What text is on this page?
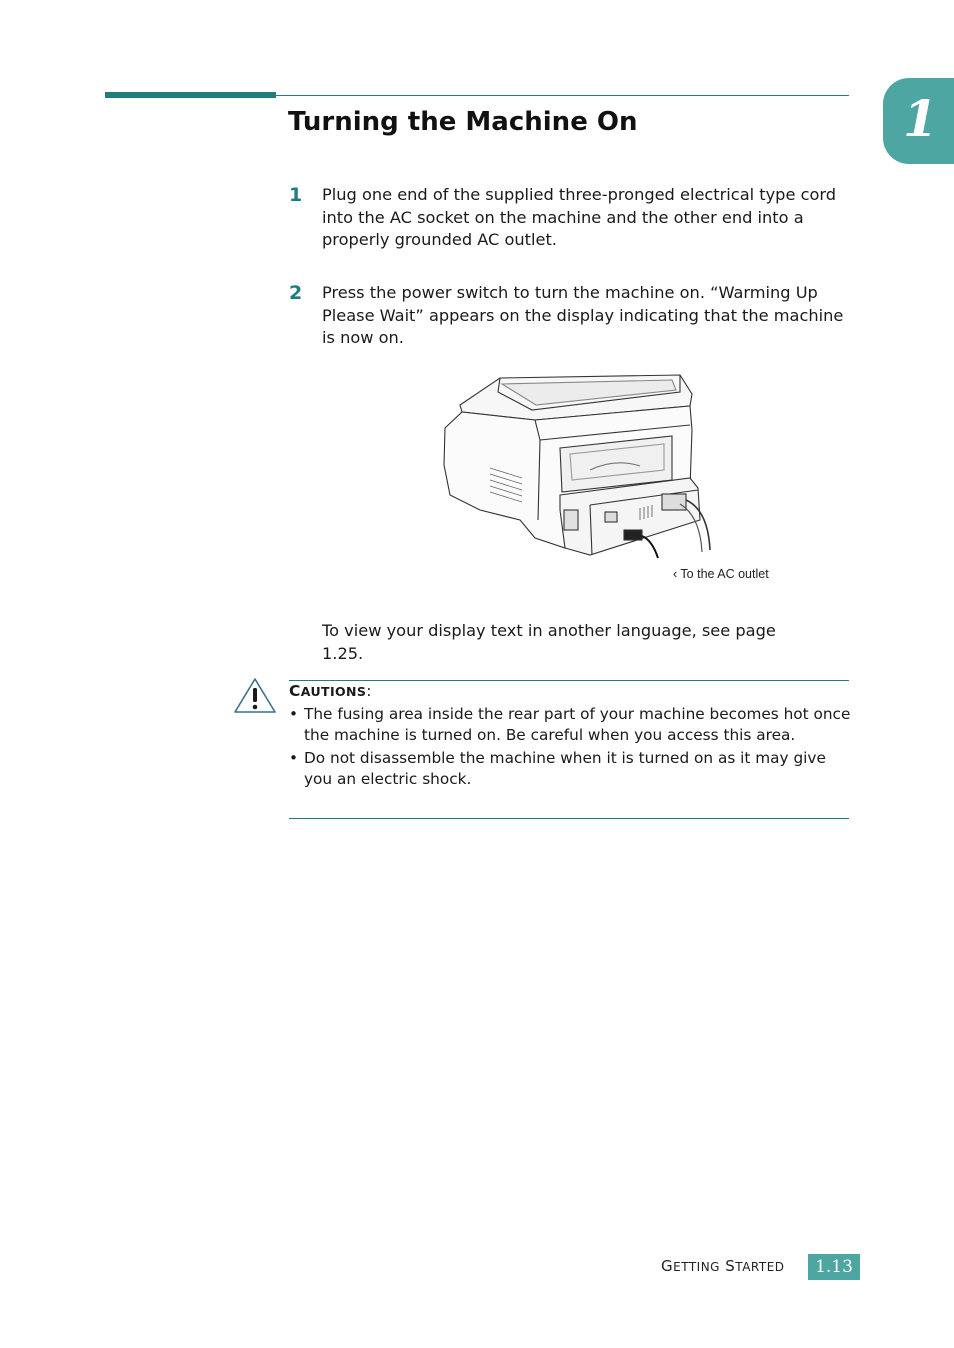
1
Turning the Machine On
1 Plug one end of the supplied three-pronged electrical type cord into the AC socket on the machine and the other end into a properly grounded AC outlet.
2 Press the power switch to turn the machine on. “Warming Up Please Wait” appears on the display indicating that the machine is now on.
‹ To the AC outlet
To view your display text in another language, see page 1.25.
CAUTIONS:
• The fusing area inside the rear part of your machine becomes hot once the machine is turned on. Be careful when you access this area.
• Do not disassemble the machine when it is turned on as it may give you an electric shock.
GETTING STARTED	1.13
